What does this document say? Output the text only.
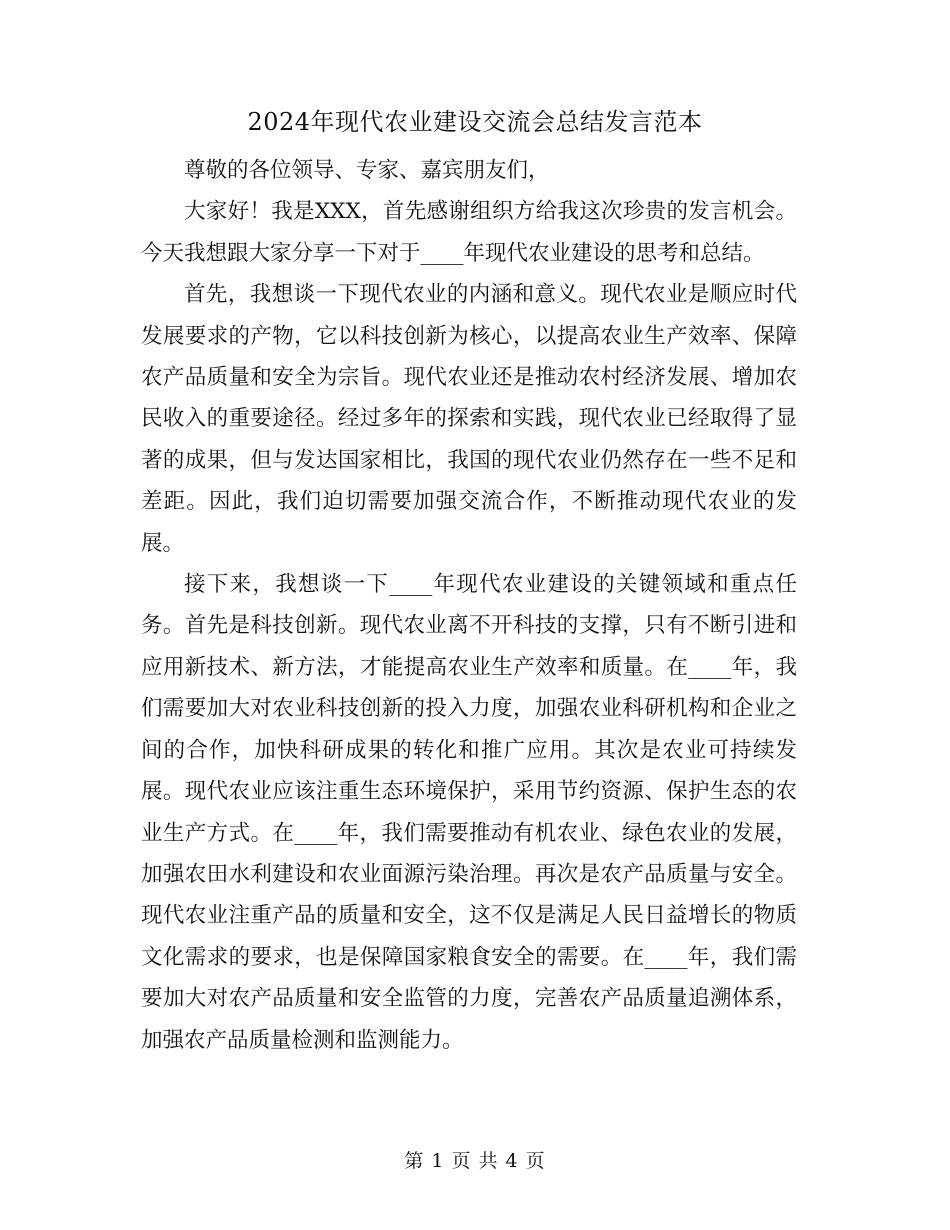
2024年现代农业建设交流会总结发言范本

尊敬的各位领导、专家、嘉宾朋友们，

大家好！我是XXX，首先感谢组织方给我这次珍贵的发言机会。今天我想跟大家分享一下对于____年现代农业建设的思考和总结。

首先，我想谈一下现代农业的内涵和意义。现代农业是顺应时代发展要求的产物，它以科技创新为核心，以提高农业生产效率、保障农产品质量和安全为宗旨。现代农业还是推动农村经济发展、增加农民收入的重要途径。经过多年的探索和实践，现代农业已经取得了显著的成果，但与发达国家相比，我国的现代农业仍然存在一些不足和差距。因此，我们迫切需要加强交流合作，不断推动现代农业的发展。

接下来，我想谈一下____年现代农业建设的关键领域和重点任务。首先是科技创新。现代农业离不开科技的支撑，只有不断引进和应用新技术、新方法，才能提高农业生产效率和质量。在____年，我们需要加大对农业科技创新的投入力度，加强农业科研机构和企业之间的合作，加快科研成果的转化和推广应用。其次是农业可持续发展。现代农业应该注重生态环境保护，采用节约资源、保护生态的农业生产方式。在____年，我们需要推动有机农业、绿色农业的发展，加强农田水利建设和农业面源污染治理。再次是农产品质量与安全。现代农业注重产品的质量和安全，这不仅是满足人民日益增长的物质文化需求的要求，也是保障国家粮食安全的需要。在____年，我们需要加大对农产品质量和安全监管的力度，完善农产品质量追溯体系，加强农产品质量检测和监测能力。

第 1 页 共 4 页
